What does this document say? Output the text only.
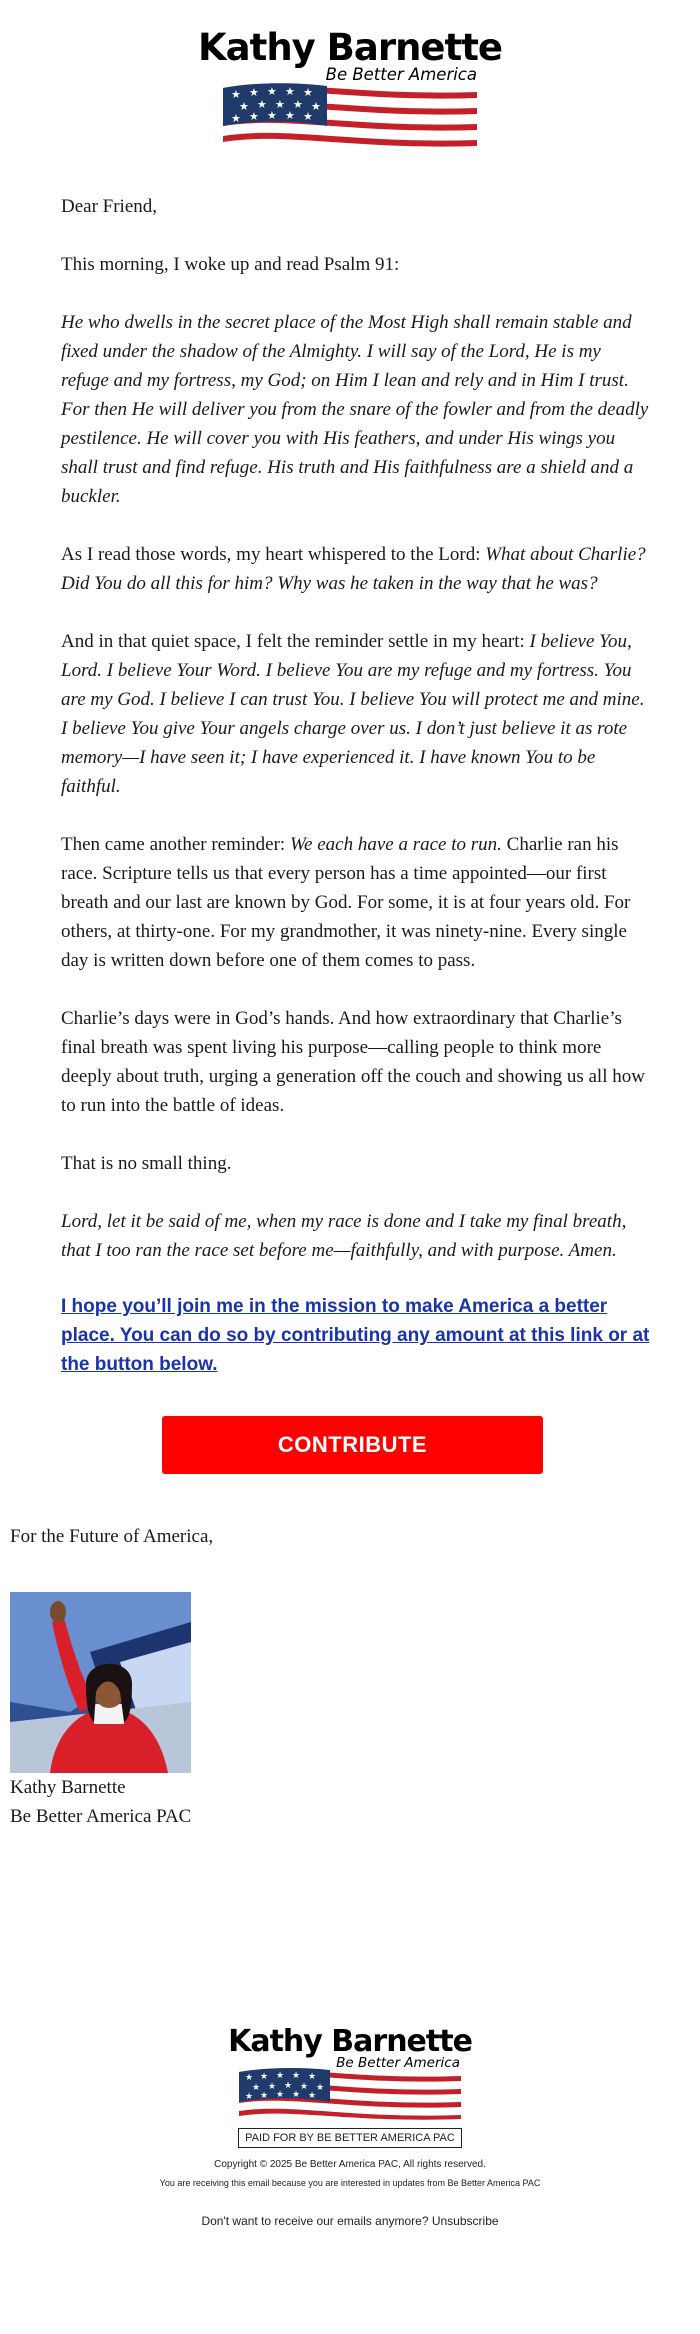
Kathy Barnette
Be Better America
★ ★ ★ ★ ★
★ ★ ★ ★ ★
★ ★ ★ ★ ★

Dear Friend,

This morning, I woke up and read Psalm 91:

He who dwells in the secret place of the Most High shall remain stable and fixed under the shadow of the Almighty. I will say of the Lord, He is my refuge and my fortress, my God; on Him I lean and rely and in Him I trust. For then He will deliver you from the snare of the fowler and from the deadly pestilence. He will cover you with His feathers, and under His wings you shall trust and find refuge. His truth and His faithfulness are a shield and a buckler.

As I read those words, my heart whispered to the Lord: What about Charlie? Did You do all this for him? Why was he taken in the way that he was?

And in that quiet space, I felt the reminder settle in my heart: I believe You, Lord. I believe Your Word. I believe You are my refuge and my fortress. You are my God. I believe I can trust You. I believe You will protect me and mine. I believe You give Your angels charge over us. I don’t just believe it as rote memory—I have seen it; I have experienced it. I have known You to be faithful.

Then came another reminder: We each have a race to run. Charlie ran his race. Scripture tells us that every person has a time appointed—our first breath and our last are known by God. For some, it is at four years old. For others, at thirty-one. For my grandmother, it was ninety-nine. Every single day is written down before one of them comes to pass.

Charlie’s days were in God’s hands. And how extraordinary that Charlie’s final breath was spent living his purpose—calling people to think more deeply about truth, urging a generation off the couch and showing us all how to run into the battle of ideas.

That is no small thing.

Lord, let it be said of me, when my race is done and I take my final breath, that I too ran the race set before me—faithfully, and with purpose. Amen.

I hope you’ll join me in the mission to make America a better place. You can do so by contributing any amount at this link or at the button below.

CONTRIBUTE
For the Future of America,
Kathy Barnette
Be Better America PAC
Kathy Barnette
Be Better America
★ ★ ★ ★ ★
★ ★ ★ ★ ★
★ ★ ★ ★ ★
PAID FOR BY BE BETTER AMERICA PAC
Copyright © 2025 Be Better America PAC, All rights reserved.
You are receiving this email because you are interested in updates from Be Better America PAC
Don't want to receive our emails anymore? Unsubscribe
